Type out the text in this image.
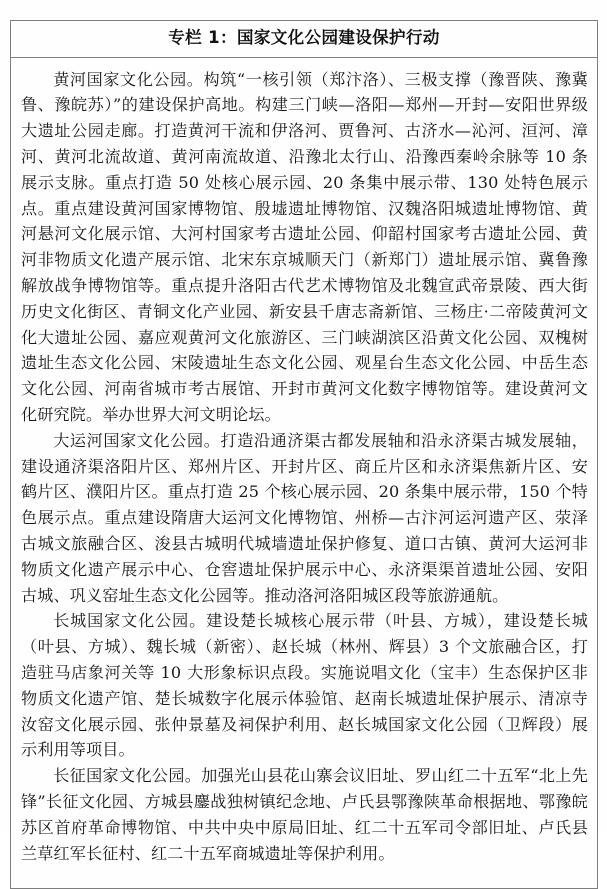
专栏 1：国家文化公园建设保护行动

黄河国家文化公园。构筑“一核引领（郑汴洛）、三极支撑（豫晋陕、豫冀鲁、豫皖苏）”的建设保护高地。构建三门峡—洛阳—郑州—开封—安阳世界级大遗址公园走廊。打造黄河干流和伊洛河、贾鲁河、古济水—沁河、洹河、漳河、黄河北流故道、黄河南流故道、沿豫北太行山、沿豫西秦岭余脉等 10 条展示支脉。重点打造 50 处核心展示园、20 条集中展示带、130 处特色展示点。重点建设黄河国家博物馆、殷墟遗址博物馆、汉魏洛阳城遗址博物馆、黄河悬河文化展示馆、大河村国家考古遗址公园、仰韶村国家考古遗址公园、黄河非物质文化遗产展示馆、北宋东京城顺天门（新郑门）遗址展示馆、冀鲁豫解放战争博物馆等。重点提升洛阳古代艺术博物馆及北魏宣武帝景陵、西大街历史文化街区、青铜文化产业园、新安县千唐志斋新馆、三杨庄·二帝陵黄河文化大遗址公园、嘉应观黄河文化旅游区、三门峡湖滨区沿黄文化公园、双槐树遗址生态文化公园、宋陵遗址生态文化公园、观星台生态文化公园、中岳生态文化公园、河南省城市考古展馆、开封市黄河文化数字博物馆等。建设黄河文化研究院。举办世界大河文明论坛。

大运河国家文化公园。打造沿通济渠古都发展轴和沿永济渠古城发展轴，建设通济渠洛阳片区、郑州片区、开封片区、商丘片区和永济渠焦新片区、安鹤片区、濮阳片区。重点打造 25 个核心展示园、20 条集中展示带，150 个特色展示点。重点建设隋唐大运河文化博物馆、州桥—古汴河运河遗产区、荥泽古城文旅融合区、浚县古城明代城墙遗址保护修复、道口古镇、黄河大运河非物质文化遗产展示中心、仓窖遗址保护展示中心、永济渠渠首遗址公园、安阳古城、巩义窑址生态文化公园等。推动洛河洛阳城区段等旅游通航。

长城国家文化公园。建设楚长城核心展示带（叶县、方城），建设楚长城（叶县、方城）、魏长城（新密）、赵长城（林州、辉县）3 个文旅融合区，打造驻马店象河关等 10 大形象标识点段。实施说唱文化（宝丰）生态保护区非物质文化遗产馆、楚长城数字化展示体验馆、赵南长城遗址保护展示、清凉寺汝窑文化展示园、张仲景墓及祠保护利用、赵长城国家文化公园（卫辉段）展示利用等项目。

长征国家文化公园。加强光山县花山寨会议旧址、罗山红二十五军“北上先锋”长征文化园、方城县鏖战独树镇纪念地、卢氏县鄂豫陕革命根据地、鄂豫皖苏区首府革命博物馆、中共中央中原局旧址、红二十五军司令部旧址、卢氏县兰草红军长征村、红二十五军商城遗址等保护利用。
